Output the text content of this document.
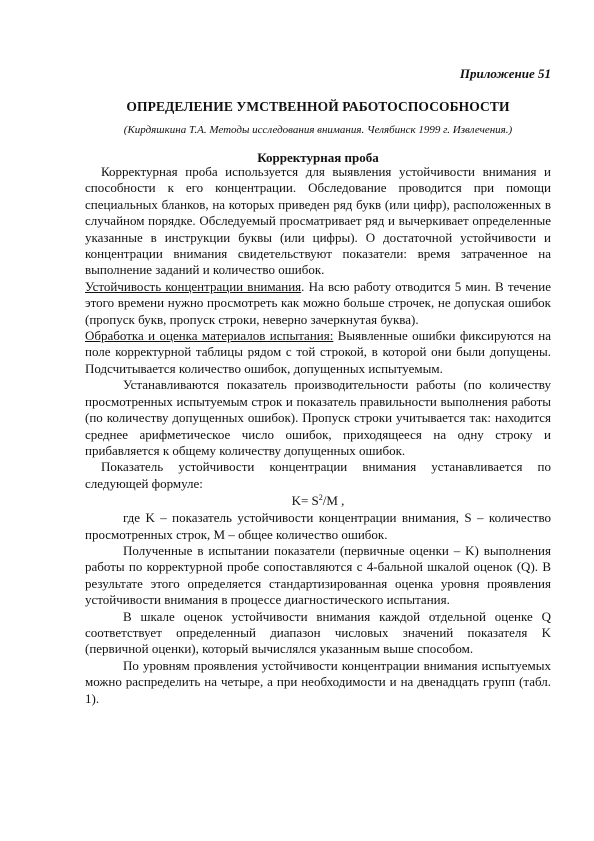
Приложение 51
ОПРЕДЕЛЕНИЕ УМСТВЕННОЙ РАБОТОСПОСОБНОСТИ
(Кирдяшкина Т.А. Методы исследования внимания. Челябинск 1999 г. Извлечения.)
Корректурная проба

Корректурная проба используется для выявления устойчивости внимания и способности к его концентрации. Обследование проводится при помощи специальных бланков, на которых приведен ряд букв (или цифр), расположенных в случайном порядке. Обследуемый просматривает ряд и вычеркивает определенные указанные в инструкции буквы (или цифры). О достаточной устойчивости и концентрации внимания свидетельствуют показатели: время затраченное на выполнение заданий и количество ошибок.

Устойчивость концентрации внимания. На всю работу отводится 5 мин. В течение этого времени нужно просмотреть как можно больше строчек, не допуская ошибок (пропуск букв, пропуск строки, неверно зачеркнутая буква).

Обработка и оценка материалов испытания: Выявленные ошибки фиксируются на поле корректурной таблицы рядом с той строкой, в которой они были допущены. Подсчитывается количество ошибок, допущенных испытуемым.

Устанавливаются показатель производительности работы (по количеству просмотренных испытуемым строк и показатель правильности выполнения работы (по количеству допущенных ошибок). Пропуск строки учитывается так: находится среднее арифметическое число ошибок, приходящееся на одну строку и прибавляется к общему количеству допущенных ошибок.

Показатель устойчивости концентрации внимания устанавливается по следующей формуле:

$K= S^2/M$ ,

где K – показатель устойчивости концентрации внимания, S – количество просмотренных строк, M – общее количество ошибок.

Полученные в испытании показатели (первичные оценки – K) выполнения работы по корректурной пробе сопоставляются с 4-бальной шкалой оценок (Q). В результате этого определяется стандартизированная оценка уровня проявления устойчивости внимания в процессе диагностического испытания.

В шкале оценок устойчивости внимания каждой отдельной оценке Q соответствует определенный диапазон числовых значений показателя K (первичной оценки), который вычислялся указанным выше способом.

По уровням проявления устойчивости концентрации внимания испытуемых можно распределить на четыре, а при необходимости и на двенадцать групп (табл. 1).
